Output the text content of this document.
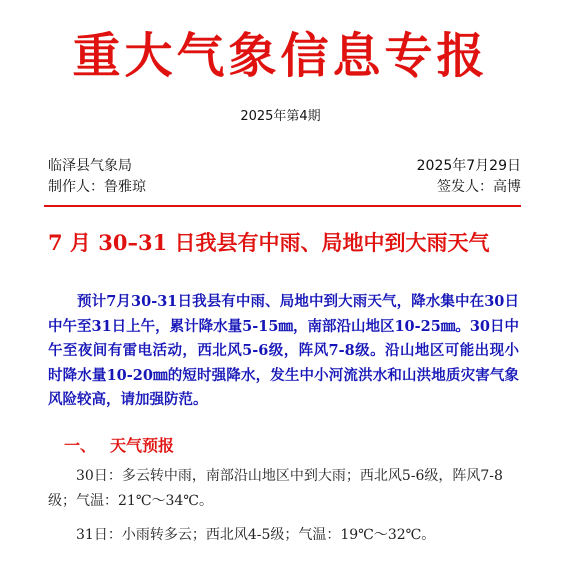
重大气象信息专报
2025年第4期
临泽县气象局	2025年7月29日
制作人：鲁雅琼	签发人：高博
7 月 30–31 日我县有中雨、局地中到大雨天气

预计7月30-31日我县有中雨、局地中到大雨天气，降水集中在30日中午至31日上午，累计降水量5-15㎜，南部沿山地区10-25㎜。30日中午至夜间有雷电活动，西北风5-6级，阵风7-8级。沿山地区可能出现小时降水量10-20㎜的短时强降水，发生中小河流洪水和山洪地质灾害气象风险较高，请加强防范。

一、 天气预报

30日：多云转中雨，南部沿山地区中到大雨；西北风5-6级，阵风7-8级；气温：21℃～34℃。

31日：小雨转多云；西北风4-5级；气温：19℃～32℃。
